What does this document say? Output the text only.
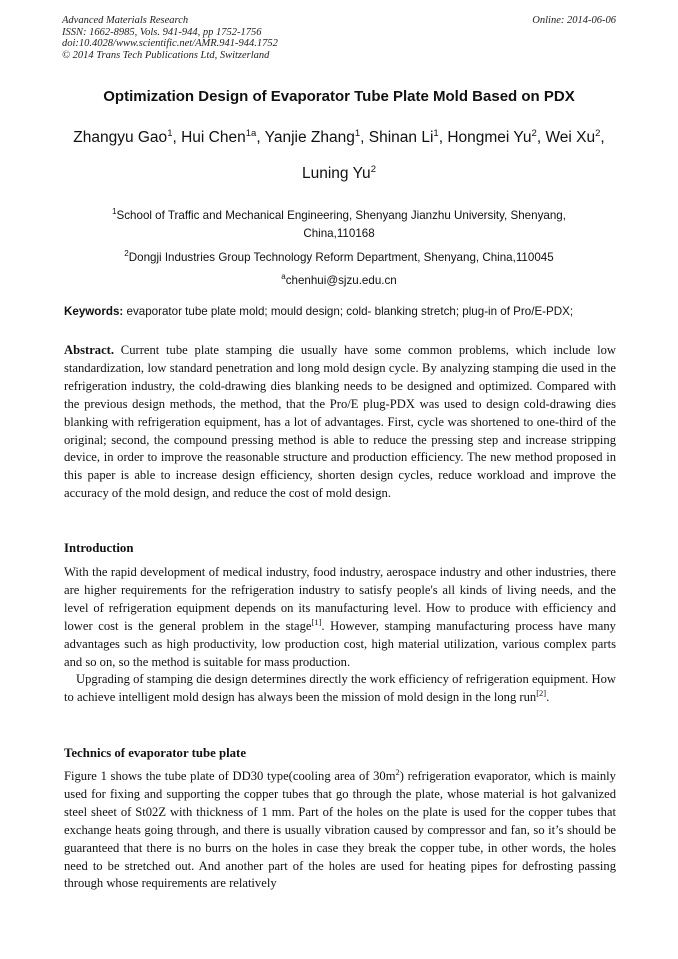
Advanced Materials Research
ISSN: 1662-8985, Vols. 941-944, pp 1752-1756
doi:10.4028/www.scientific.net/AMR.941-944.1752
© 2014 Trans Tech Publications Ltd, Switzerland
Online: 2014-06-06
Optimization Design of Evaporator Tube Plate Mold Based on PDX
Zhangyu Gao$^1$, Hui Chen$^{1a}$, Yanjie Zhang$^1$, Shinan Li$^1$, Hongmei Yu$^2$, Wei Xu$^2$,
Luning Yu$^2$
$^1$School of Traffic and Mechanical Engineering, Shenyang Jianzhu University, Shenyang, China,110168
$^2$Dongji Industries Group Technology Reform Department, Shenyang, China,110045
$^a$chenhui@sjzu.edu.cn
Keywords: evaporator tube plate mold; mould design; cold- blanking stretch; plug-in of Pro/E-PDX;

Abstract. Current tube plate stamping die usually have some common problems, which include low standardization, low standard penetration and long mold design cycle. By analyzing stamping die used in the refrigeration industry, the cold-drawing dies blanking needs to be designed and optimized. Compared with the previous design methods, the method, that the Pro/E plug-PDX was used to design cold-drawing dies blanking with refrigeration equipment, has a lot of advantages. First, cycle was shortened to one-third of the original; second, the compound pressing method is able to reduce the pressing step and increase stripping device, in order to improve the reasonable structure and production efficiency. The new method proposed in this paper is able to increase design efficiency, shorten design cycles, reduce workload and improve the accuracy of the mold design, and reduce the cost of mold design.

Introduction

With the rapid development of medical industry, food industry, aerospace industry and other industries, there are higher requirements for the refrigeration industry to satisfy people's all kinds of living needs, and the level of refrigeration equipment depends on its manufacturing level. How to produce with efficiency and lower cost is the general problem in the stage[1]. However, stamping manufacturing process have many advantages such as high productivity, low production cost, high material utilization, various complex parts and so on, so the method is suitable for mass production.

Upgrading of stamping die design determines directly the work efficiency of refrigeration equipment. How to achieve intelligent mold design has always been the mission of mold design in the long run[2].

Technics of evaporator tube plate

Figure 1 shows the tube plate of DD30 type(cooling area of $30m^2$) refrigeration evaporator, which is mainly used for fixing and supporting the copper tubes that go through the plate, whose material is hot galvanized steel sheet of St02Z with thickness of 1 mm. Part of the holes on the plate is used for the copper tubes that exchange heats going through, and there is usually vibration caused by compressor and fan, so it’s should be guaranteed that there is no burrs on the holes in case they break the copper tube, in other words, the holes need to be stretched out. And another part of the holes are used for heating pipes for defrosting passing through whose requirements are relatively
